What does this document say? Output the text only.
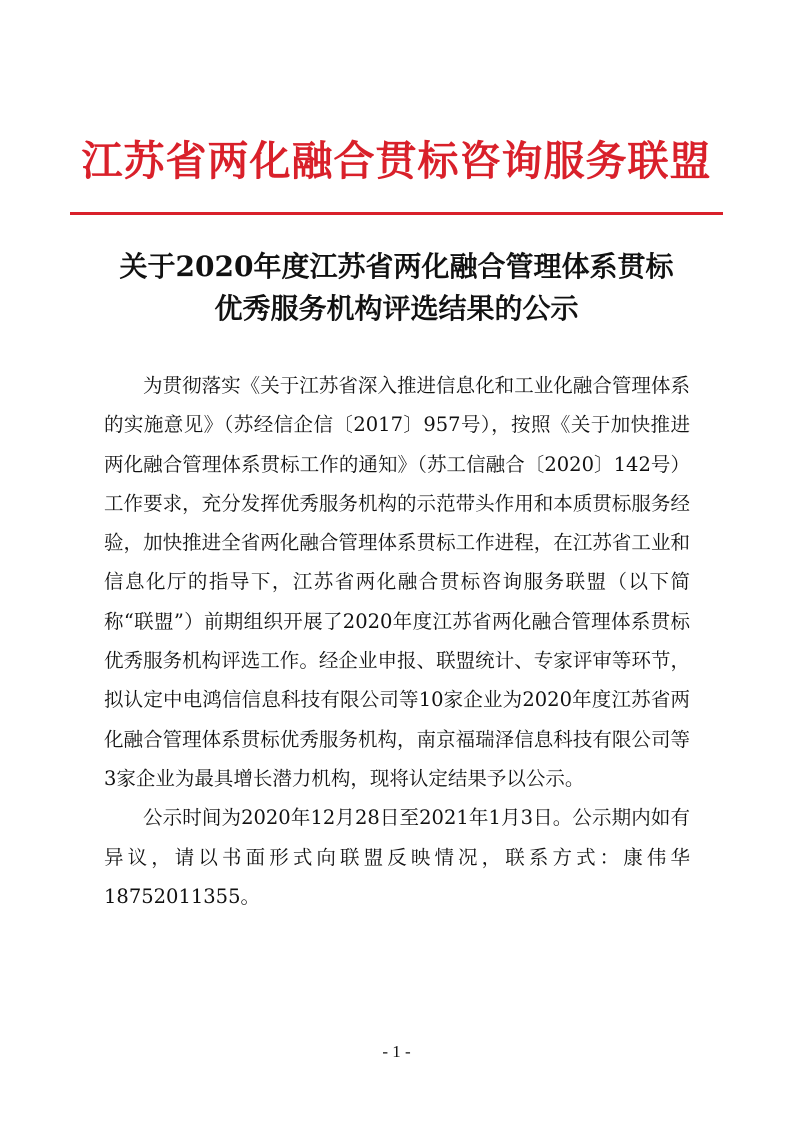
江苏省两化融合贯标咨询服务联盟
关于2020年度江苏省两化融合管理体系贯标
优秀服务机构评选结果的公示

为贯彻落实《关于江苏省深入推进信息化和工业化融合管理体系的实施意见》（苏经信企信〔2017〕957号），按照《关于加快推进两化融合管理体系贯标工作的通知》（苏工信融合〔2020〕142号）工作要求，充分发挥优秀服务机构的示范带头作用和本质贯标服务经验，加快推进全省两化融合管理体系贯标工作进程，在江苏省工业和信息化厅的指导下，江苏省两化融合贯标咨询服务联盟（以下简称“联盟”）前期组织开展了2020年度江苏省两化融合管理体系贯标优秀服务机构评选工作。经企业申报、联盟统计、专家评审等环节，拟认定中电鸿信信息科技有限公司等10家企业为2020年度江苏省两化融合管理体系贯标优秀服务机构，南京福瑞泽信息科技有限公司等3家企业为最具增长潜力机构，现将认定结果予以公示。

公示时间为2020年12月28日至2021年1月3日。公示期内如有异议，请以书面形式向联盟反映情况，联系方式：康伟华18752011355。

- 1 -
